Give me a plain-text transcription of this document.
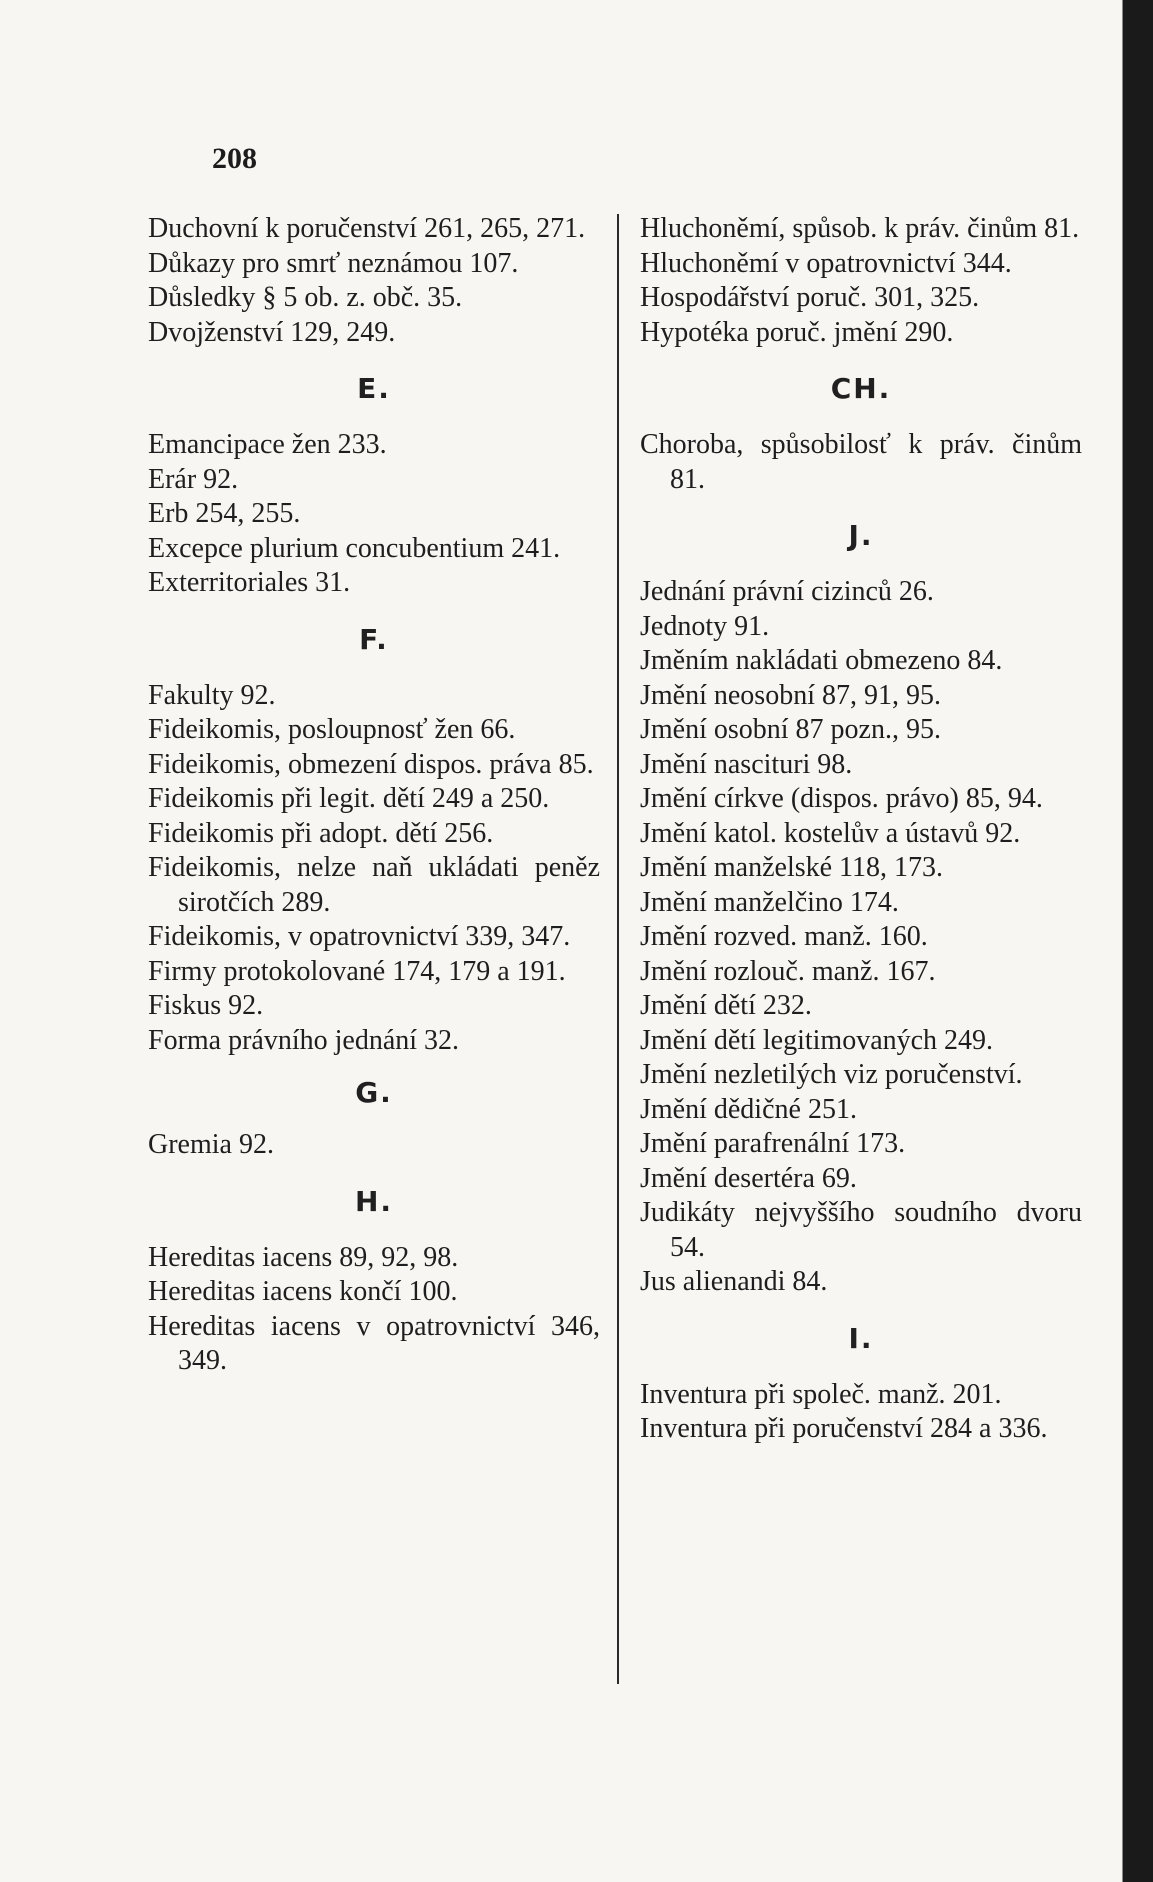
208
Duchovní k poručenství 261, 265, 271.
Důkazy pro smrť neznámou 107.
Důsledky § 5 ob. z. obč. 35.
Dvojženství 129, 249.
E.
Emancipace žen 233.
Erár 92.
Erb 254, 255.
Excepce plurium concubentium 241.
Exterritoriales 31.
F.
Fakulty 92.
Fideikomis, posloupnosť žen 66.
Fideikomis, obmezení dispos. práva 85.
Fideikomis při legit. dětí 249 a 250.
Fideikomis při adopt. dětí 256.
Fideikomis, nelze naň ukládati peněz sirotčích 289.
Fideikomis, v opatrovnictví 339, 347.
Firmy protokolované 174, 179 a 191.
Fiskus 92.
Forma právního jednání 32.
G.
Gremia 92.
H.
Hereditas iacens 89, 92, 98.
Hereditas iacens končí 100.
Hereditas iacens v opatrovnictví 346, 349.
Hluchoněmí, spůsob. k práv. činům 81.
Hluchoněmí v opatrovnictví 344.
Hospodářství poruč. 301, 325.
Hypotéka poruč. jmění 290.
CH.
Choroba, spůsobilosť k práv. činům 81.
J.
Jednání právní cizinců 26.
Jednoty 91.
Jměním nakládati obmezeno 84.
Jmění neosobní 87, 91, 95.
Jmění osobní 87 pozn., 95.
Jmění nascituri 98.
Jmění církve (dispos. právo) 85, 94.
Jmění katol. kostelův a ústavů 92.
Jmění manželské 118, 173.
Jmění manželčino 174.
Jmění rozved. manž. 160.
Jmění rozlouč. manž. 167.
Jmění dětí 232.
Jmění dětí legitimovaných 249.
Jmění nezletilých viz poručenství.
Jmění dědičné 251.
Jmění parafrenální 173.
Jmění desertéra 69.
Judikáty nejvyššího soudního dvoru 54.
Jus alienandi 84.
I.
Inventura při společ. manž. 201.
Inventura při poručenství 284 a 336.
